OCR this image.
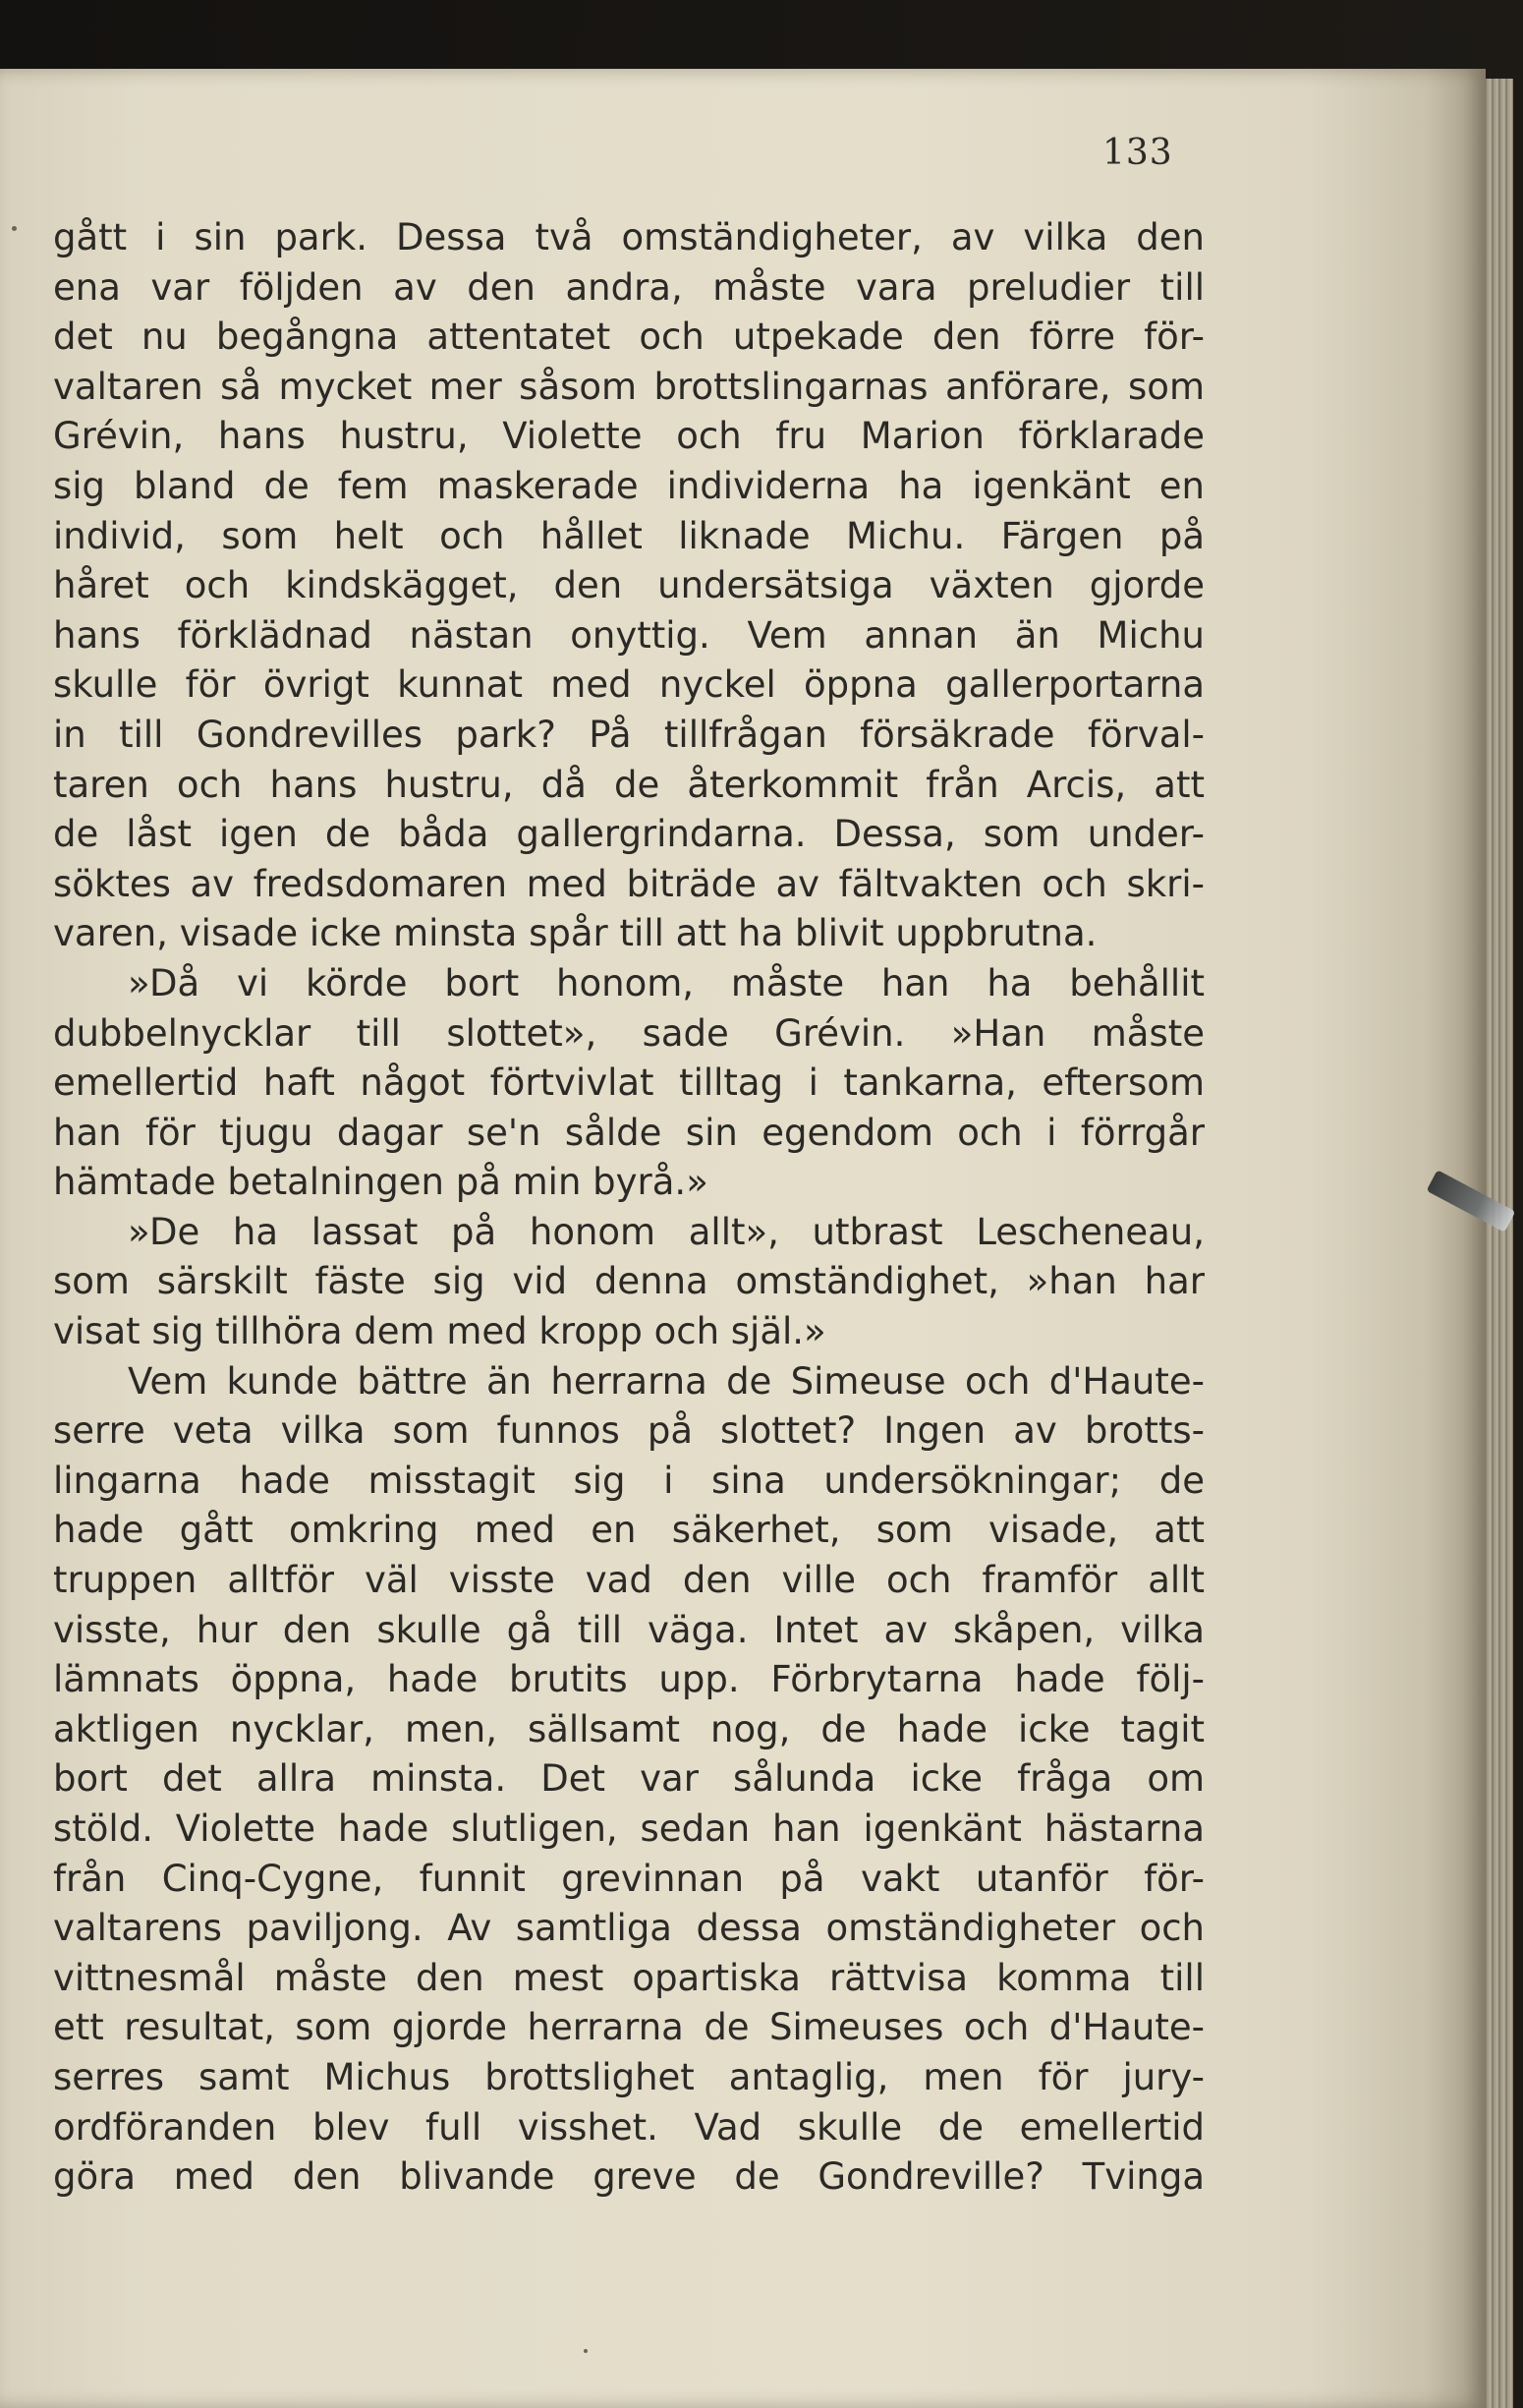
133
gått i sin park. Dessa två omständigheter, av vilka den
ena var följden av den andra, måste vara preludier till
det nu begångna attentatet och utpekade den förre för-
valtaren så mycket mer såsom brottslingarnas anförare, som
Grévin, hans hustru, Violette och fru Marion förklarade
sig bland de fem maskerade individerna ha igenkänt en
individ, som helt och hållet liknade Michu. Färgen på
håret och kindskägget, den undersätsiga växten gjorde
hans förklädnad nästan onyttig. Vem annan än Michu
skulle för övrigt kunnat med nyckel öppna gallerportarna
in till Gondrevilles park? På tillfrågan försäkrade förval-
taren och hans hustru, då de återkommit från Arcis, att
de låst igen de båda gallergrindarna. Dessa, som under-
söktes av fredsdomaren med biträde av fältvakten och skri-
varen, visade icke minsta spår till att ha blivit uppbrutna.
»Då vi körde bort honom, måste han ha behållit
dubbelnycklar till slottet», sade Grévin. »Han måste
emellertid haft något förtvivlat tilltag i tankarna, eftersom
han för tjugu dagar se'n sålde sin egendom och i förrgår
hämtade betalningen på min byrå.»
»De ha lassat på honom allt», utbrast Lescheneau,
som särskilt fäste sig vid denna omständighet, »han har
visat sig tillhöra dem med kropp och själ.»
Vem kunde bättre än herrarna de Simeuse och d'Haute-
serre veta vilka som funnos på slottet? Ingen av brotts-
lingarna hade misstagit sig i sina undersökningar; de
hade gått omkring med en säkerhet, som visade, att
truppen alltför väl visste vad den ville och framför allt
visste, hur den skulle gå till väga. Intet av skåpen, vilka
lämnats öppna, hade brutits upp. Förbrytarna hade följ-
aktligen nycklar, men, sällsamt nog, de hade icke tagit
bort det allra minsta. Det var sålunda icke fråga om
stöld. Violette hade slutligen, sedan han igenkänt hästarna
från Cinq-Cygne, funnit grevinnan på vakt utanför för-
valtarens paviljong. Av samtliga dessa omständigheter och
vittnesmål måste den mest opartiska rättvisa komma till
ett resultat, som gjorde herrarna de Simeuses och d'Haute-
serres samt Michus brottslighet antaglig, men för jury-
ordföranden blev full visshet. Vad skulle de emellertid
göra med den blivande greve de Gondreville? Tvinga
